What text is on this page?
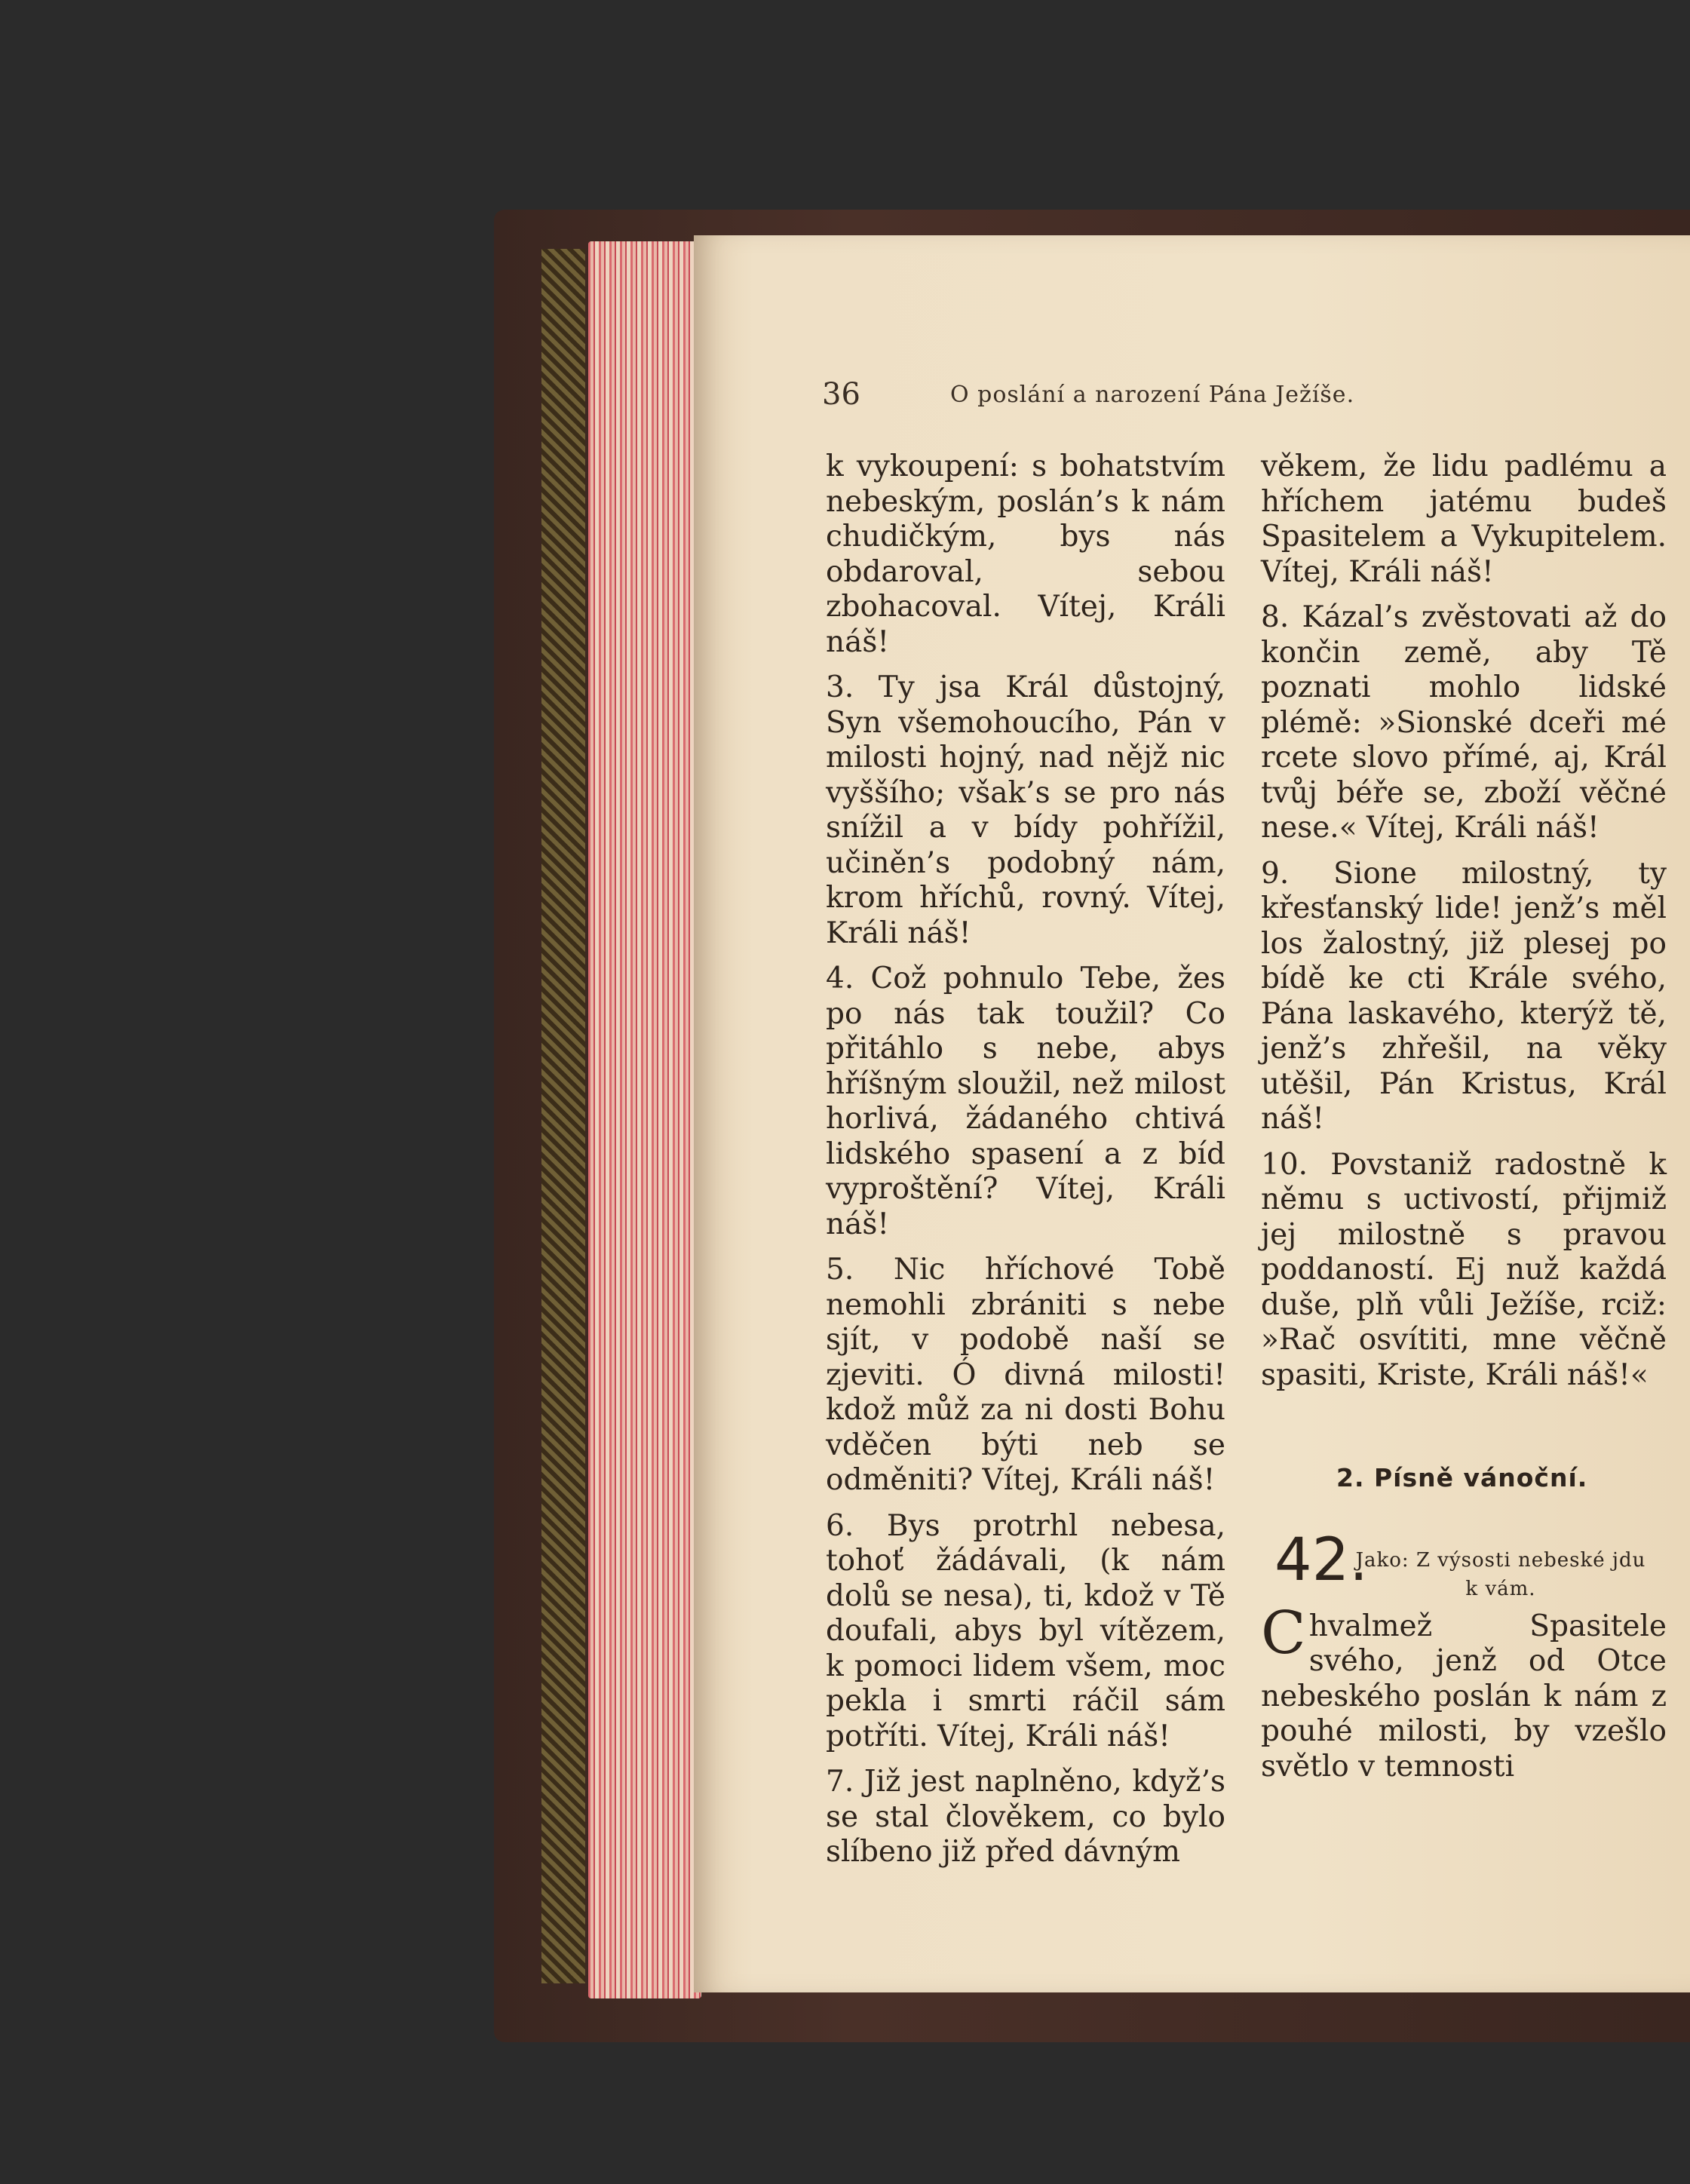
36	O poslání a narození Pána Ježíše.

k vykoupení: s bohatstvím nebeským, poslán’s k nám chudičkým, bys nás obdaroval, sebou zbohacoval. Vítej, Králi náš!

3. Ty jsa Král důstojný, Syn všemohoucího, Pán v milosti hojný, nad nějž nic vyššího; však’s se pro nás snížil a v bídy pohřížil, učiněn’s podobný nám, krom hříchů, rovný. Vítej, Králi náš!

4. Což pohnulo Tebe, žes po nás tak toužil? Co přitáhlo s nebe, abys hříšným sloužil, než milost horlivá, žádaného chtivá lidského spasení a z bíd vyproštění? Vítej, Králi náš!

5. Nic hříchové Tobě nemohli zbrániti s nebe sjít, v podobě naší se zjeviti. Ó divná milosti! kdož můž za ni dosti Bohu vděčen býti neb se odměniti? Vítej, Králi náš!

6. Bys protrhl nebesa, tohoť žádávali, (k nám dolů se nesa), ti, kdož v Tě doufali, abys byl vítězem, k pomoci lidem všem, moc pekla i smrti ráčil sám potříti. Vítej, Králi náš!

7. Již jest naplněno, když’s se stal člověkem, co bylo slíbeno již před dávným

věkem, že lidu padlému a hříchem jatému budeš Spasitelem a Vykupitelem. Vítej, Králi náš!

8. Kázal’s zvěstovati až do končin země, aby Tě poznati mohlo lidské plémě: »Sionské dceři mé rcete slovo přímé, aj, Král tvůj béře se, zboží věčné nese.« Vítej, Králi náš!

9. Sione milostný, ty křesťanský lide! jenž’s měl los žalostný, již plesej po bídě ke cti Krále svého, Pána laskavého, kterýž tě, jenž’s zhřešil, na věky utěšil, Pán Kristus, Král náš!

10. Povstaniž radostně k němu s uctivostí, přijmiž jej milostně s pravou poddaností. Ej nuž každá duše, plň vůli Ježíše, rciž: »Rač osvítiti, mne věčně spasiti, Kriste, Králi náš!«

2. Písně vánoční.
42.
Jako: Z výsosti nebeské jdu k vám.

Chvalmež Spasitele svého, jenž od Otce nebeského poslán k nám z pouhé milosti, by vzešlo světlo v temnosti
